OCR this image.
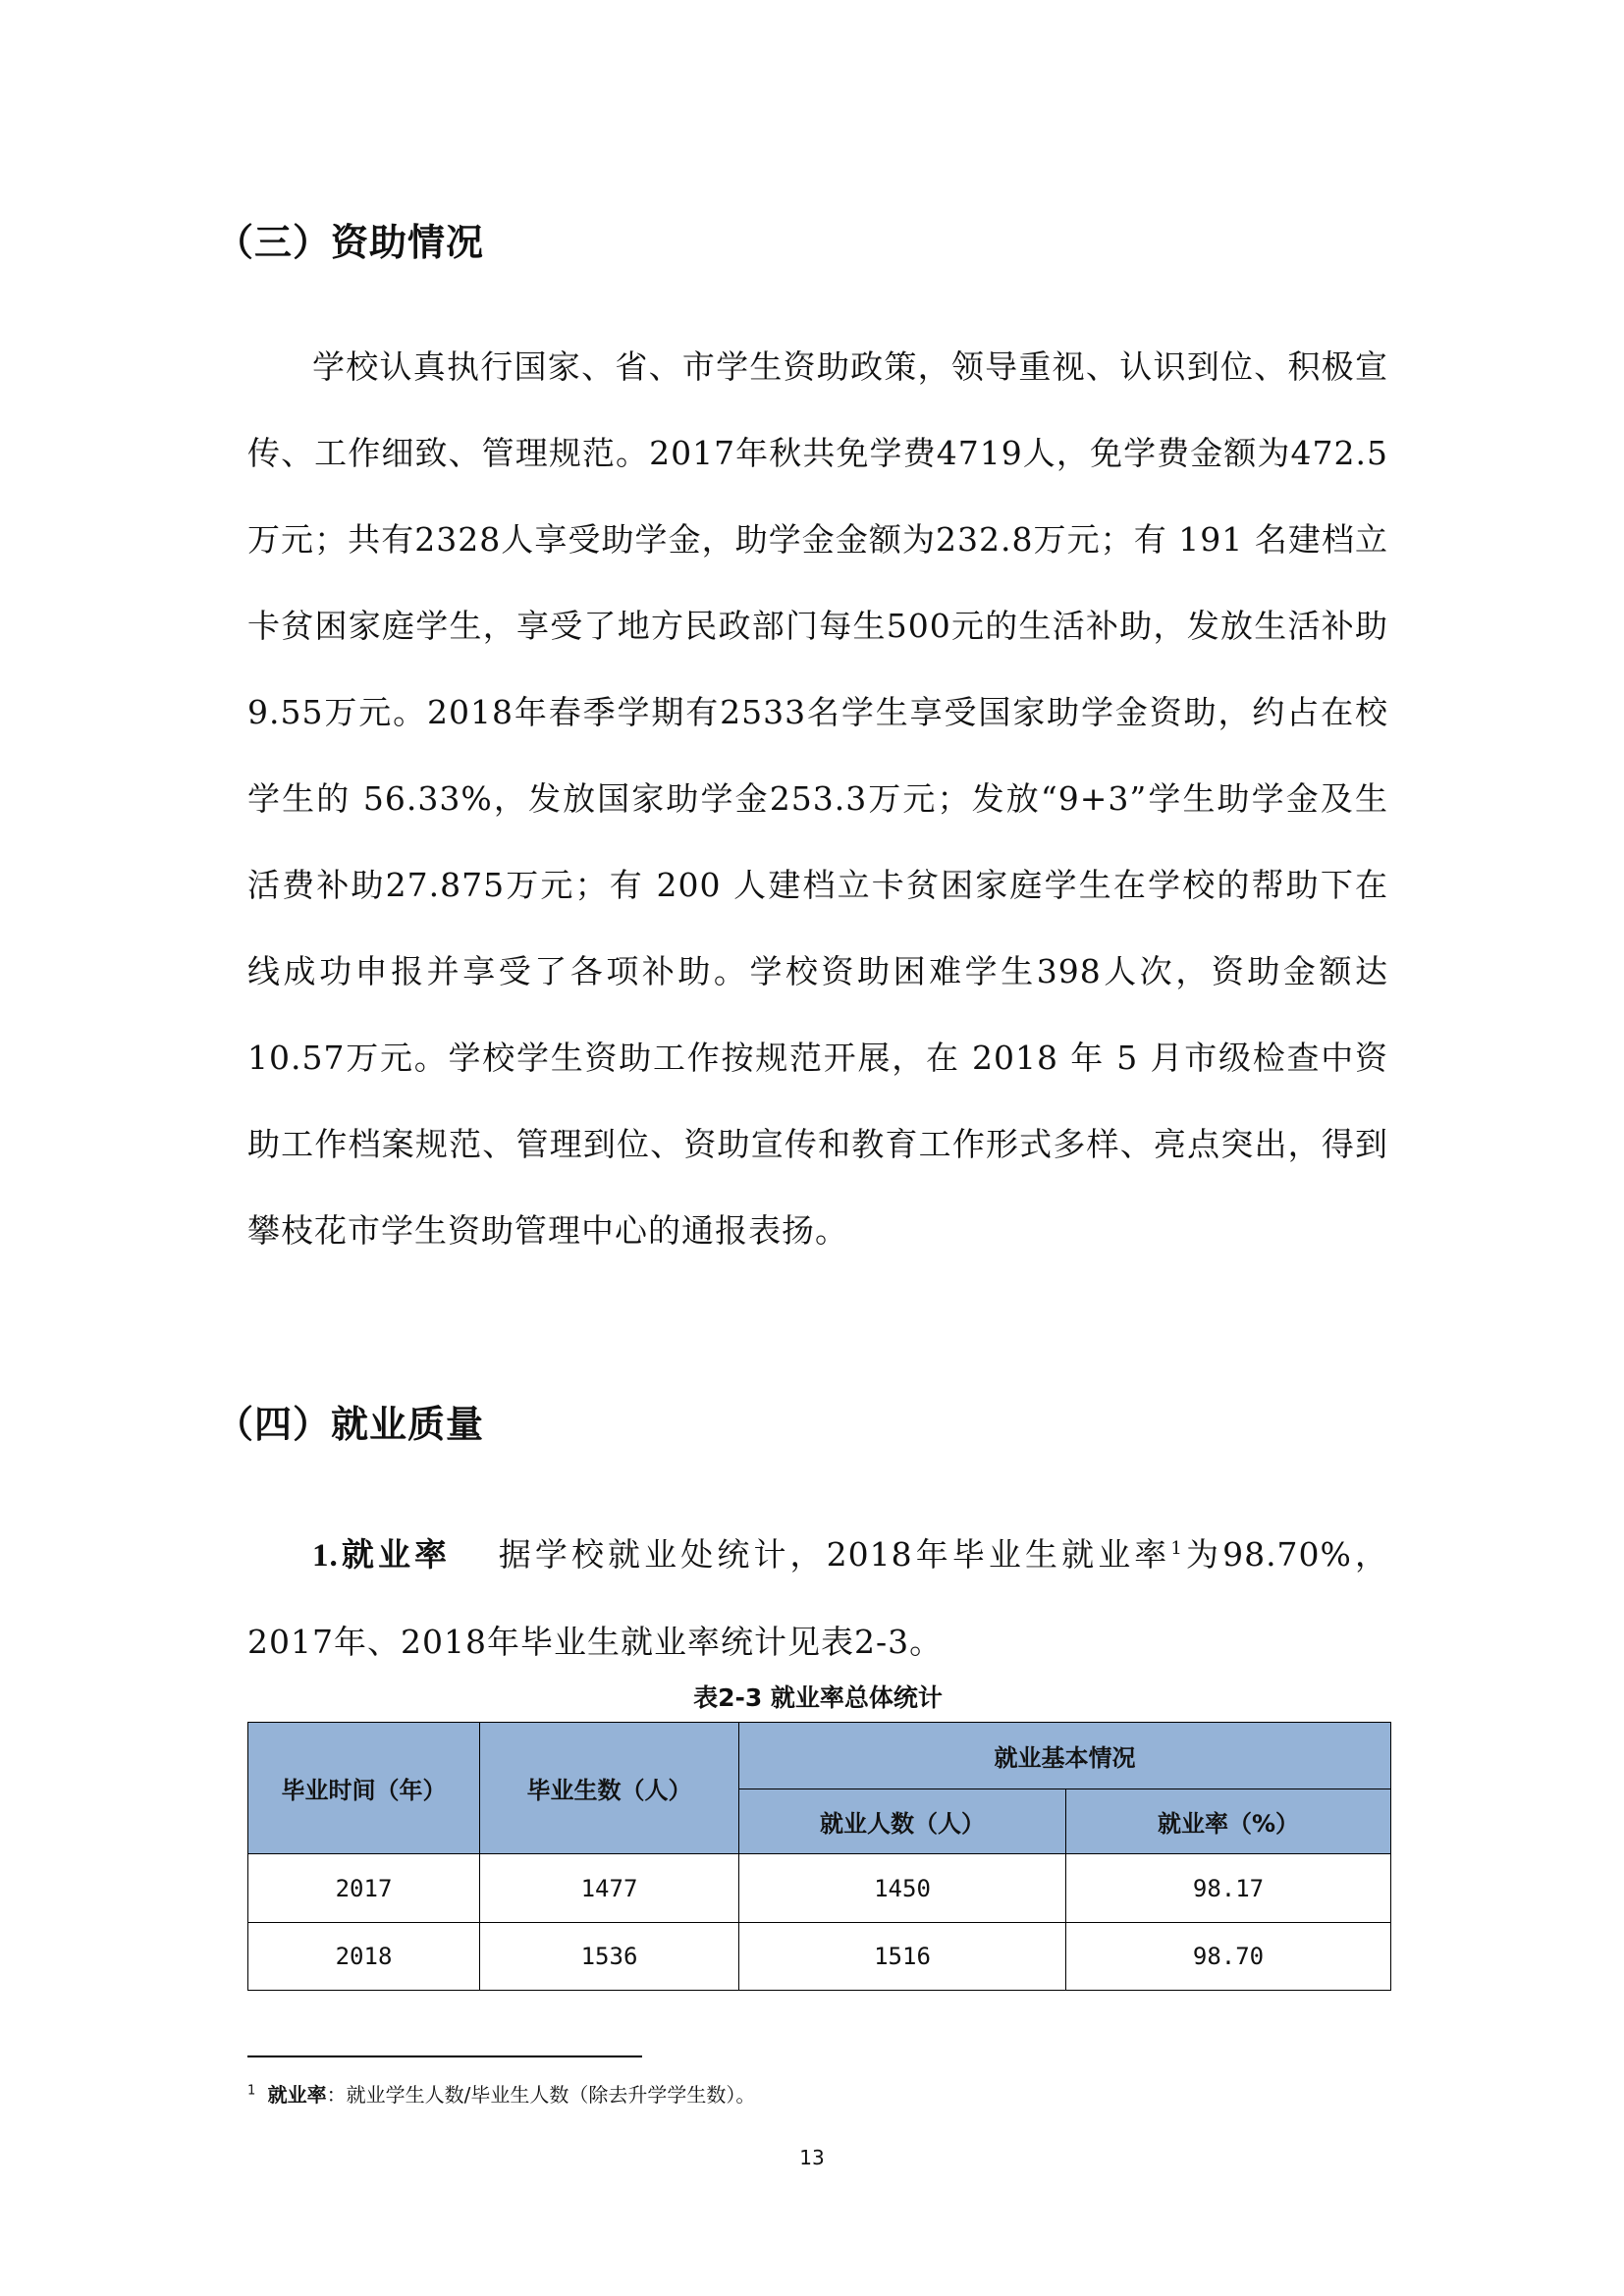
（三）资助情况
学校认真执行国家、省、市学生资助政策，领导重视、认识到位、积极宣传、工作细致、管理规范。2017年秋共免学费4719人，免学费金额为472.5万元；共有2328人享受助学金，助学金金额为232.8万元；有 191 名建档立卡贫困家庭学生，享受了地方民政部门每生500元的生活补助，发放生活补助9.55万元。2018年春季学期有2533名学生享受国家助学金资助，约占在校学生的 56.33%，发放国家助学金253.3万元；发放“9+3”学生助学金及生活费补助27.875万元；有 200 人建档立卡贫困家庭学生在学校的帮助下在线成功申报并享受了各项补助。学校资助困难学生398人次，资助金额达10.57万元。学校学生资助工作按规范开展，在 2018 年 5 月市级检查中资助工作档案规范、管理到位、资助宣传和教育工作形式多样、亮点突出，得到攀枝花市学生资助管理中心的通报表扬。
（四）就业质量
1.就业率 据学校就业处统计，2018年毕业生就业率$^1$为98.70%，2017年、2018年毕业生就业率统计见表2-3。
表2-3 就业率总体统计
毕业时间（年）	毕业生数（人）	就业基本情况	
		就业人数（人）	就业率（%）
2017	1477	1450	98.17
2018	1536	1516	98.70
$^1$ 就业率：就业学生人数/毕业生人数（除去升学学生数）。
13
